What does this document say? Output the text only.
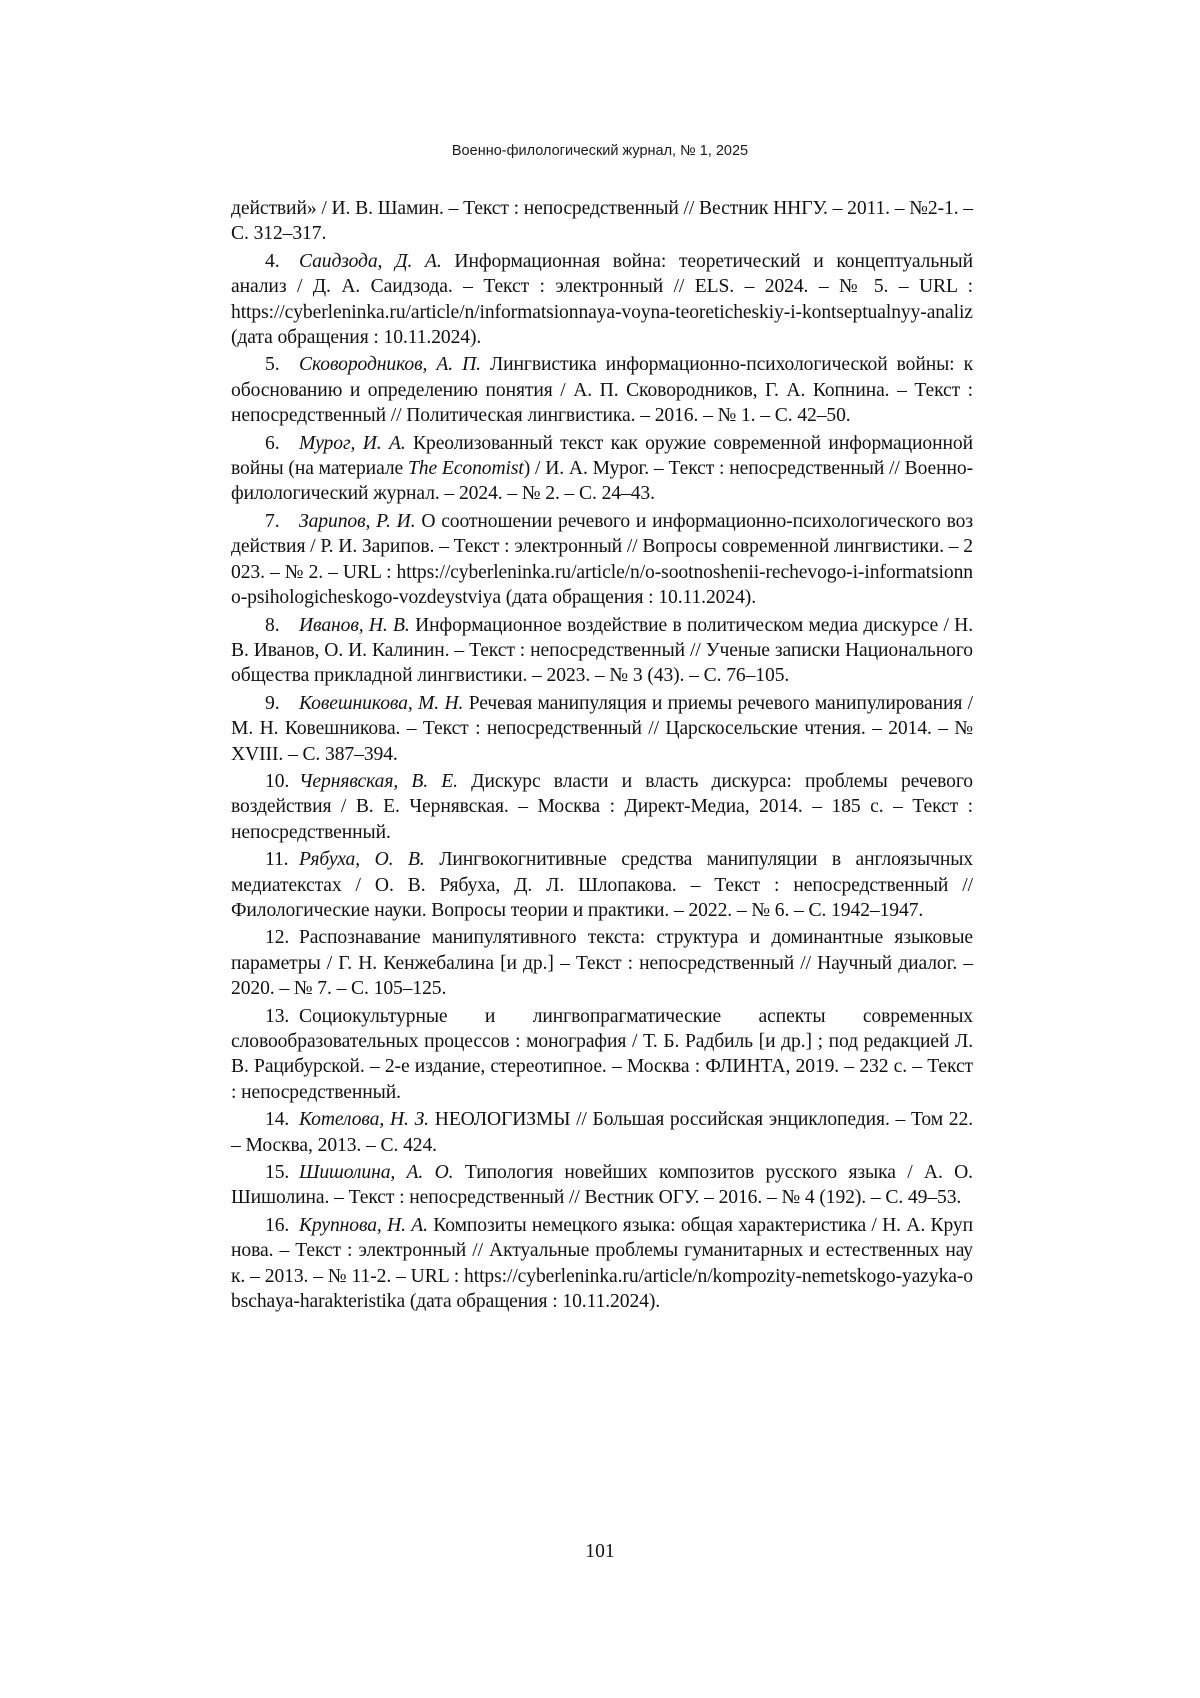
Военно-филологический журнал, № 1, 2025

действий» / И. В. Шамин. – Текст : непосредственный // Вестник ННГУ. – 2011. – №2-1. – С. 312–317.

4. Саидзода, Д. А. Информационная война: теоретический и концептуальный анализ / Д. А. Саидзода. – Текст : электронный // ELS. – 2024. – № 5. – URL : https://cyberleninka.ru/article/n/informatsionnaya-voyna-teoreticheskiy-i-kontseptualnyy-analiz (дата обращения : 10.11.2024).

5. Сковородников, А. П. Лингвистика информационно-психологической войны: к обоснованию и определению понятия / А. П. Сковородников, Г. А. Копнина. – Текст : непосредственный // Политическая лингвистика. – 2016. – № 1. – С. 42–50.

6. Мурог, И. А. Креолизованный текст как оружие современной информационной войны (на материале The Economist) / И. А. Мурог. – Текст : непосредственный // Военно-филологический журнал. – 2024. – № 2. – С. 24–43.

7. Зарипов, Р. И. О соотношении речевого и информационно-психологического воздействия / Р. И. Зарипов. – Текст : электронный // Вопросы современной лингвистики. – 2023. – № 2. – URL : https://cyberleninka.ru/article/n/o-sootnoshenii-rechevogo-i-informatsionno-psihologicheskogo-vozdeystviya (дата обращения : 10.11.2024).

8. Иванов, Н. В. Информационное воздействие в политическом медиа дискурсе / Н. В. Иванов, О. И. Калинин. – Текст : непосредственный // Ученые записки Национального общества прикладной лингвистики. – 2023. – № 3 (43). – С. 76–105.

9. Ковешникова, М. Н. Речевая манипуляция и приемы речевого манипулирования / М. Н. Ковешникова. – Текст : непосредственный // Царскосельские чтения. – 2014. – № XVIII. – С. 387–394.

10. Чернявская, В. Е. Дискурс власти и власть дискурса: проблемы речевого воздействия / В. Е. Чернявская. – Москва : Директ-Медиа, 2014. – 185 с. – Текст : непосредственный.

11. Рябуха, О. В. Лингвокогнитивные средства манипуляции в англоязычных медиатекстах / О. В. Рябуха, Д. Л. Шлопакова. – Текст : непосредственный // Филологические науки. Вопросы теории и практики. – 2022. – № 6. – С. 1942–1947.

12. Распознавание манипулятивного текста: структура и доминантные языковые параметры / Г. Н. Кенжебалина [и др.] – Текст : непосредственный // Научный диалог. – 2020. – № 7. – С. 105–125.

13. Социокультурные и лингвопрагматические аспекты современных словообразовательных процессов : монография / Т. Б. Радбиль [и др.] ; под редакцией Л. В. Рацибурской. – 2-е издание, стереотипное. – Москва : ФЛИНТА, 2019. – 232 с. – Текст : непосредственный.

14. Котелова, Н. З. НЕОЛОГИЗМЫ // Большая российская энциклопедия. – Том 22. – Москва, 2013. – С. 424.

15. Шишолина, А. О. Типология новейших композитов русского языка / А. О. Шишолина. – Текст : непосредственный // Вестник ОГУ. – 2016. – № 4 (192). – С. 49–53.

16. Крупнова, Н. А. Композиты немецкого языка: общая характеристика / Н. А. Крупнова. – Текст : электронный // Актуальные проблемы гуманитарных и естественных наук. – 2013. – № 11-2. – URL : https://cyberleninka.ru/article/n/kompozity-nemetskogo-yazyka-obschaya-harakteristika (дата обращения : 10.11.2024).

101
